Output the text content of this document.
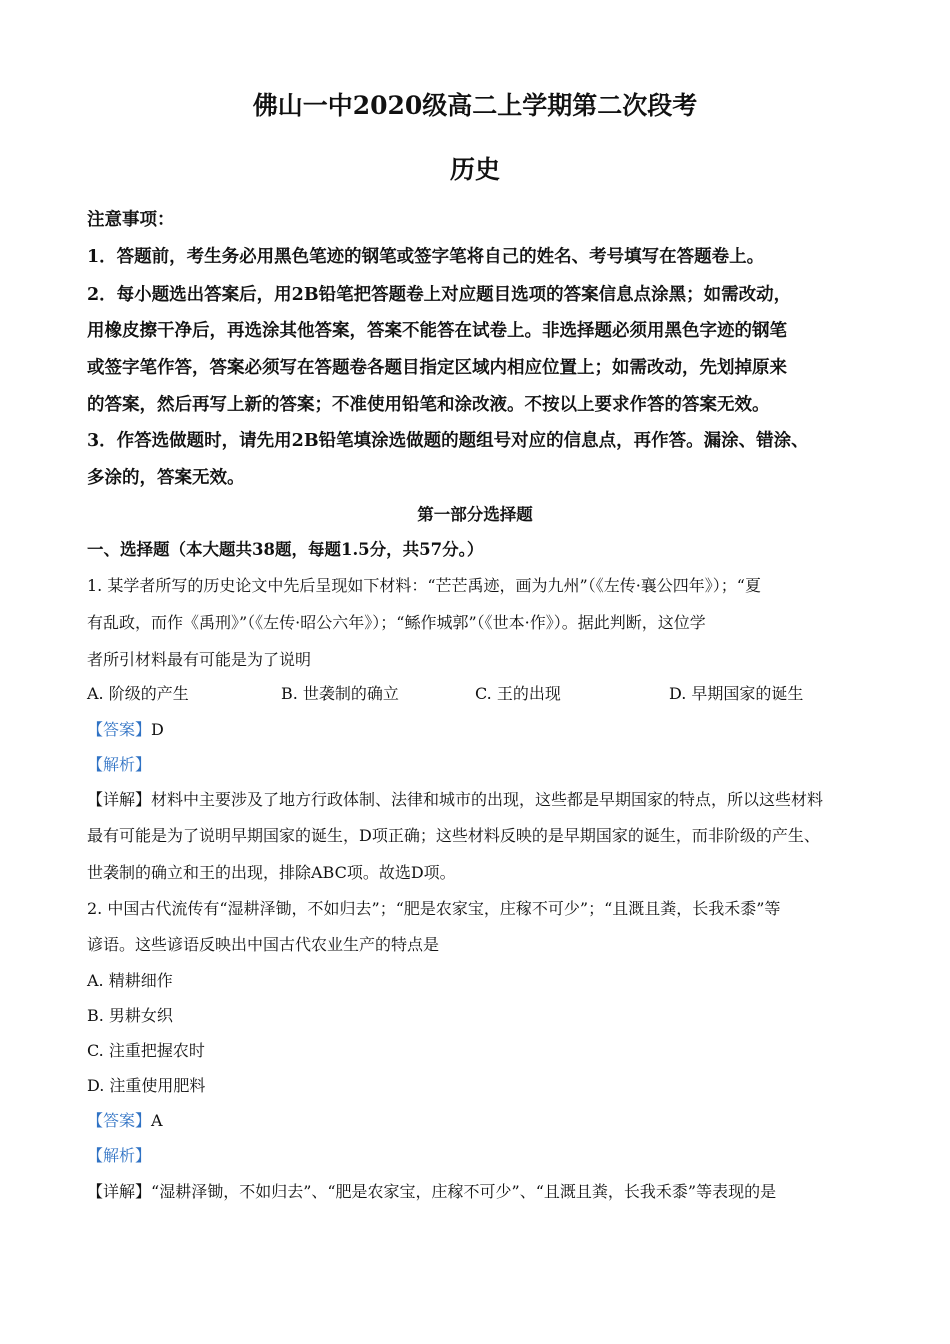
佛山一中2020级高二上学期第二次段考
历史
注意事项：
1．答题前，考生务必用黑色笔迹的钢笔或签字笔将自己的姓名、考号填写在答题卷上。
2．每小题选出答案后，用2B铅笔把答题卷上对应题目选项的答案信息点涂黑；如需改动，
用橡皮擦干净后，再选涂其他答案，答案不能答在试卷上。非选择题必须用黑色字迹的钢笔
或签字笔作答，答案必须写在答题卷各题目指定区域内相应位置上；如需改动，先划掉原来
的答案，然后再写上新的答案；不准使用铅笔和涂改液。不按以上要求作答的答案无效。
3．作答选做题时，请先用2B铅笔填涂选做题的题组号对应的信息点，再作答。漏涂、错涂、
多涂的，答案无效。
第一部分选择题
一、选择题（本大题共38题，每题1.5分，共57分。）
1. 某学者所写的历史论文中先后呈现如下材料：“芒芒禹迹，画为九州”（《左传·襄公四年》）；“夏
有乱政，而作《禹刑》”（《左传·昭公六年》）；“鲧作城郭”（《世本·作》）。据此判断，这位学
者所引材料最有可能是为了说明
A. 阶级的产生	B. 世袭制的确立	C. 王的出现	D. 早期国家的诞生
【答案】D
【解析】
【详解】材料中主要涉及了地方行政体制、法律和城市的出现，这些都是早期国家的特点，所以这些材料
最有可能是为了说明早期国家的诞生，D项正确；这些材料反映的是早期国家的诞生，而非阶级的产生、
世袭制的确立和王的出现，排除ABC项。故选D项。
2. 中国古代流传有“湿耕泽锄，不如归去”；“肥是农家宝，庄稼不可少”；“且溉且粪，长我禾黍”等
谚语。这些谚语反映出中国古代农业生产的特点是
A. 精耕细作
B. 男耕女织
C. 注重把握农时
D. 注重使用肥料
【答案】A
【解析】
【详解】“湿耕泽锄，不如归去”、“肥是农家宝，庄稼不可少”、“且溉且粪，长我禾黍”等表现的是
